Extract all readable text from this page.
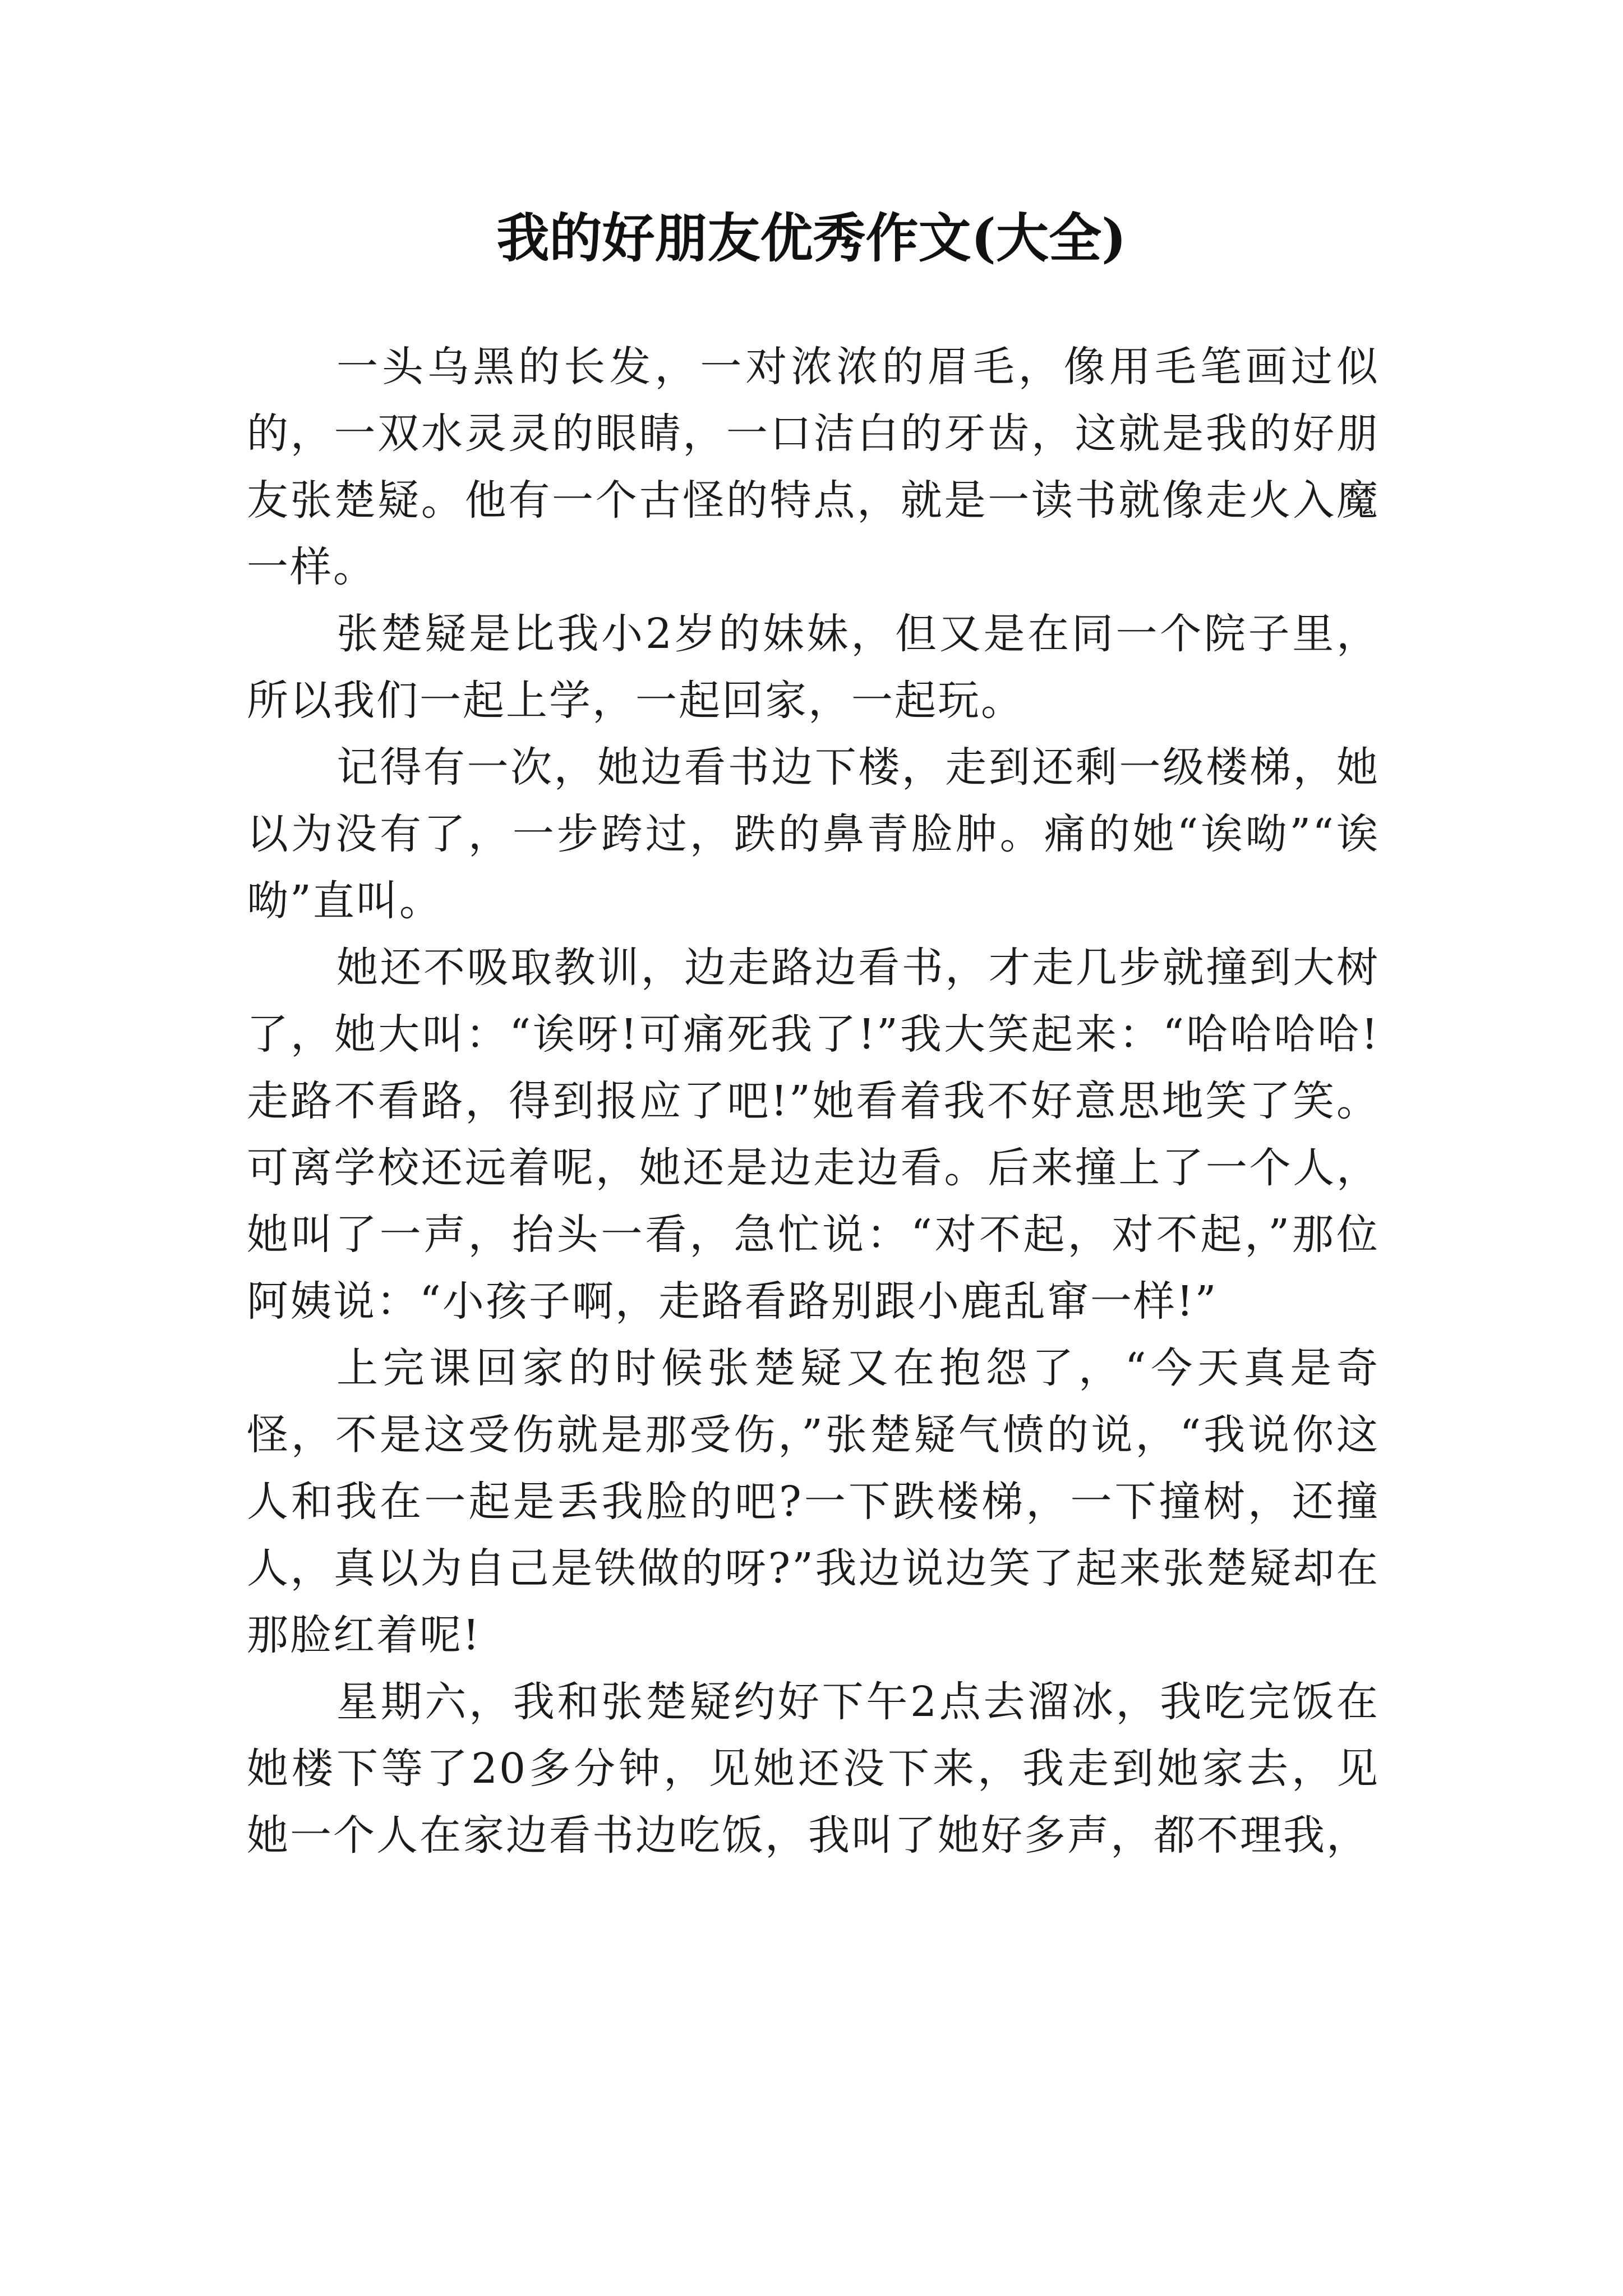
我的好朋友优秀作文(大全)

一头乌黑的长发，一对浓浓的眉毛，像用毛笔画过似的，一双水灵灵的眼睛，一口洁白的牙齿，这就是我的好朋友张楚疑。他有一个古怪的特点，就是一读书就像走火入魔一样。

张楚疑是比我小2岁的妹妹，但又是在同一个院子里，所以我们一起上学，一起回家，一起玩。

记得有一次，她边看书边下楼，走到还剩一级楼梯，她以为没有了，一步跨过，跌的鼻青脸肿。痛的她“诶呦”“诶呦”直叫。

她还不吸取教训，边走路边看书，才走几步就撞到大树了，她大叫：“诶呀!可痛死我了!”我大笑起来：“哈哈哈哈!走路不看路，得到报应了吧!”她看着我不好意思地笑了笑。可离学校还远着呢，她还是边走边看。后来撞上了一个人，她叫了一声，抬头一看，急忙说：“对不起，对不起，”那位阿姨说：“小孩子啊，走路看路别跟小鹿乱窜一样!”

上完课回家的时候张楚疑又在抱怨了，“今天真是奇怪，不是这受伤就是那受伤，”张楚疑气愤的说，“我说你这人和我在一起是丢我脸的吧?一下跌楼梯，一下撞树，还撞人，真以为自己是铁做的呀?”我边说边笑了起来张楚疑却在那脸红着呢!

星期六，我和张楚疑约好下午2点去溜冰，我吃完饭在她楼下等了20多分钟，见她还没下来，我走到她家去，见她一个人在家边看书边吃饭，我叫了她好多声，都不理我，
